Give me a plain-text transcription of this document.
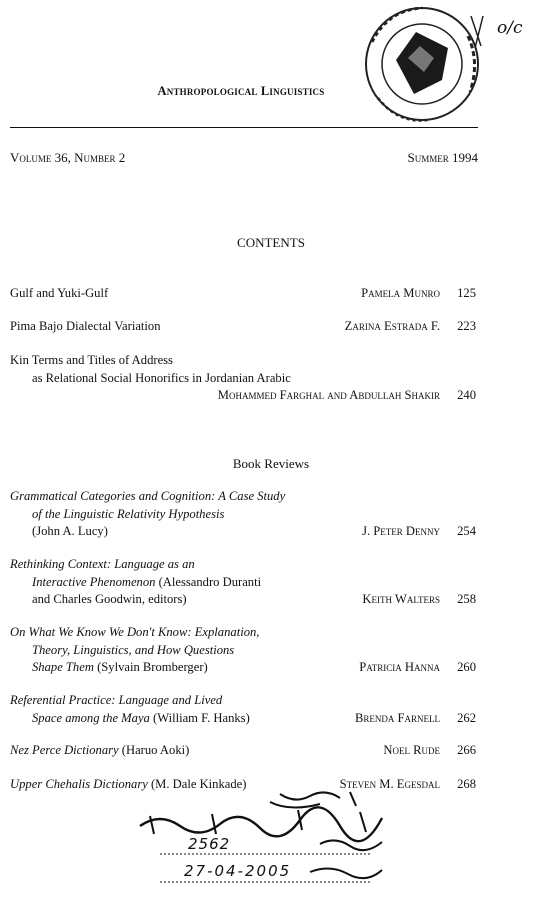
o/c
Anthropological Linguistics
Volume 36, Number 2	Summer 1994
CONTENTS
Gulf and Yuki-Gulf	Pamela Munro	125
Pima Bajo Dialectal Variation	Zarina Estrada F.	223
Kin Terms and Titles of Address
as Relational Social Honorifics in Jordanian Arabic
Mohammed Farghal and Abdullah Shakir	240
Book Reviews
Grammatical Categories and Cognition: A Case Study
of the Linguistic Relativity Hypothesis
(John A. Lucy)	J. Peter Denny	254
Rethinking Context: Language as an
Interactive Phenomenon (Alessandro Duranti
and Charles Goodwin, editors)	Keith Walters	258
On What We Know We Don't Know: Explanation,
Theory, Linguistics, and How Questions
Shape Them (Sylvain Bromberger)	Patricia Hanna	260
Referential Practice: Language and Lived
Space among the Maya (William F. Hanks)	Brenda Farnell	262
Nez Perce Dictionary (Haruo Aoki)	Noel Rude	266
Upper Chehalis Dictionary (M. Dale Kinkade)	Steven M. Egesdal	268
2562
27-04-2005
